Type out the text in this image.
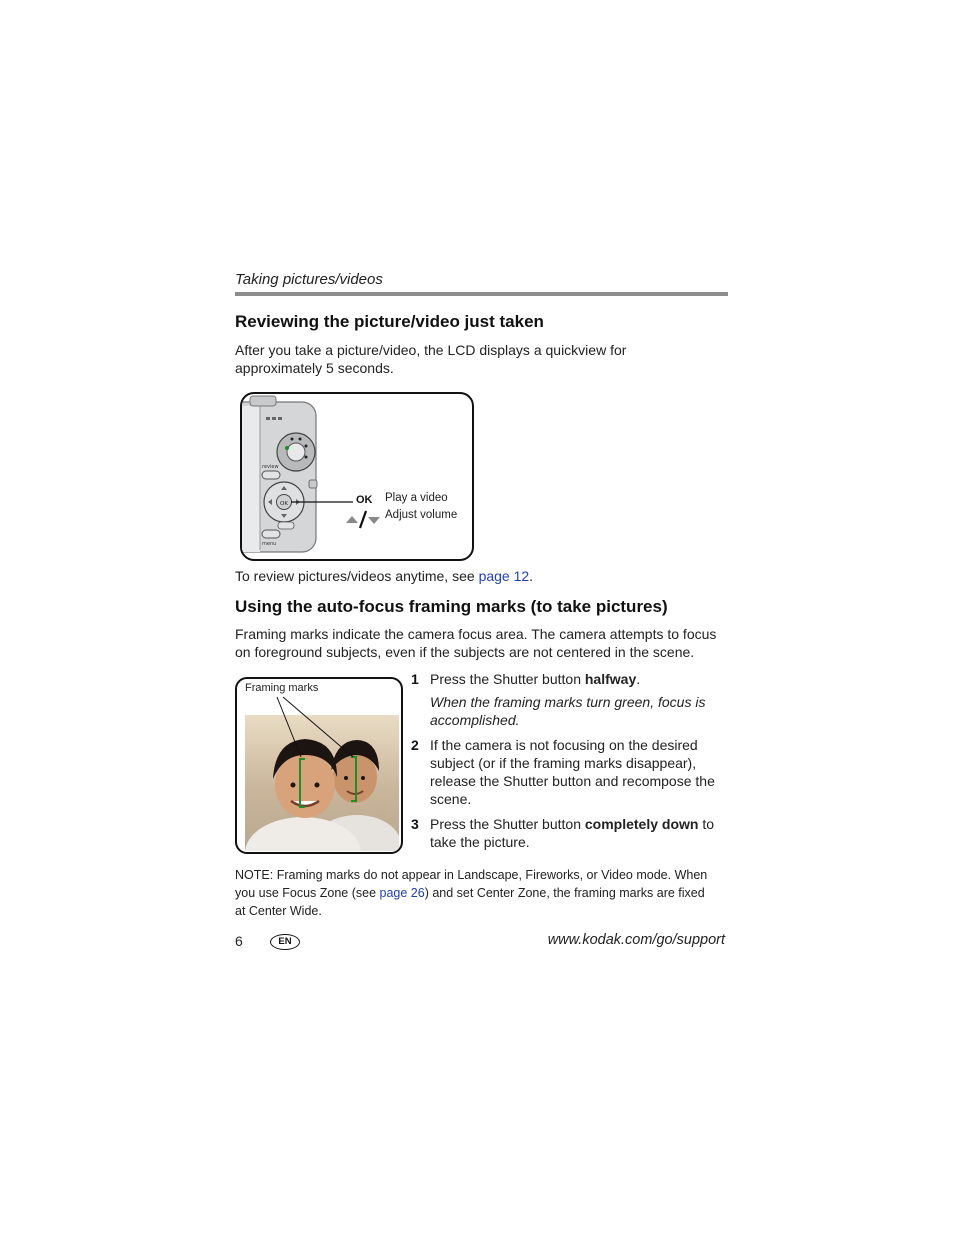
Taking pictures/videos
Reviewing the picture/video just taken
After you take a picture/video, the LCD displays a quickview for approximately 5 seconds.
review
OK
menu
OK Play a video
Adjust volume
To review pictures/videos anytime, see page 12.
Using the auto-focus framing marks (to take pictures)
Framing marks indicate the camera focus area. The camera attempts to focus on foreground subjects, even if the subjects are not centered in the scene.
Framing marks
1 Press the Shutter button halfway.
When the framing marks turn green, focus is accomplished.
2 If the camera is not focusing on the desired subject (or if the framing marks disappear), release the Shutter button and recompose the scene.
3 Press the Shutter button completely down to take the picture.
NOTE: Framing marks do not appear in Landscape, Fireworks, or Video mode. When you use Focus Zone (see page 26) and set Center Zone, the framing marks are fixed at Center Wide.
6	EN	www.kodak.com/go/support
